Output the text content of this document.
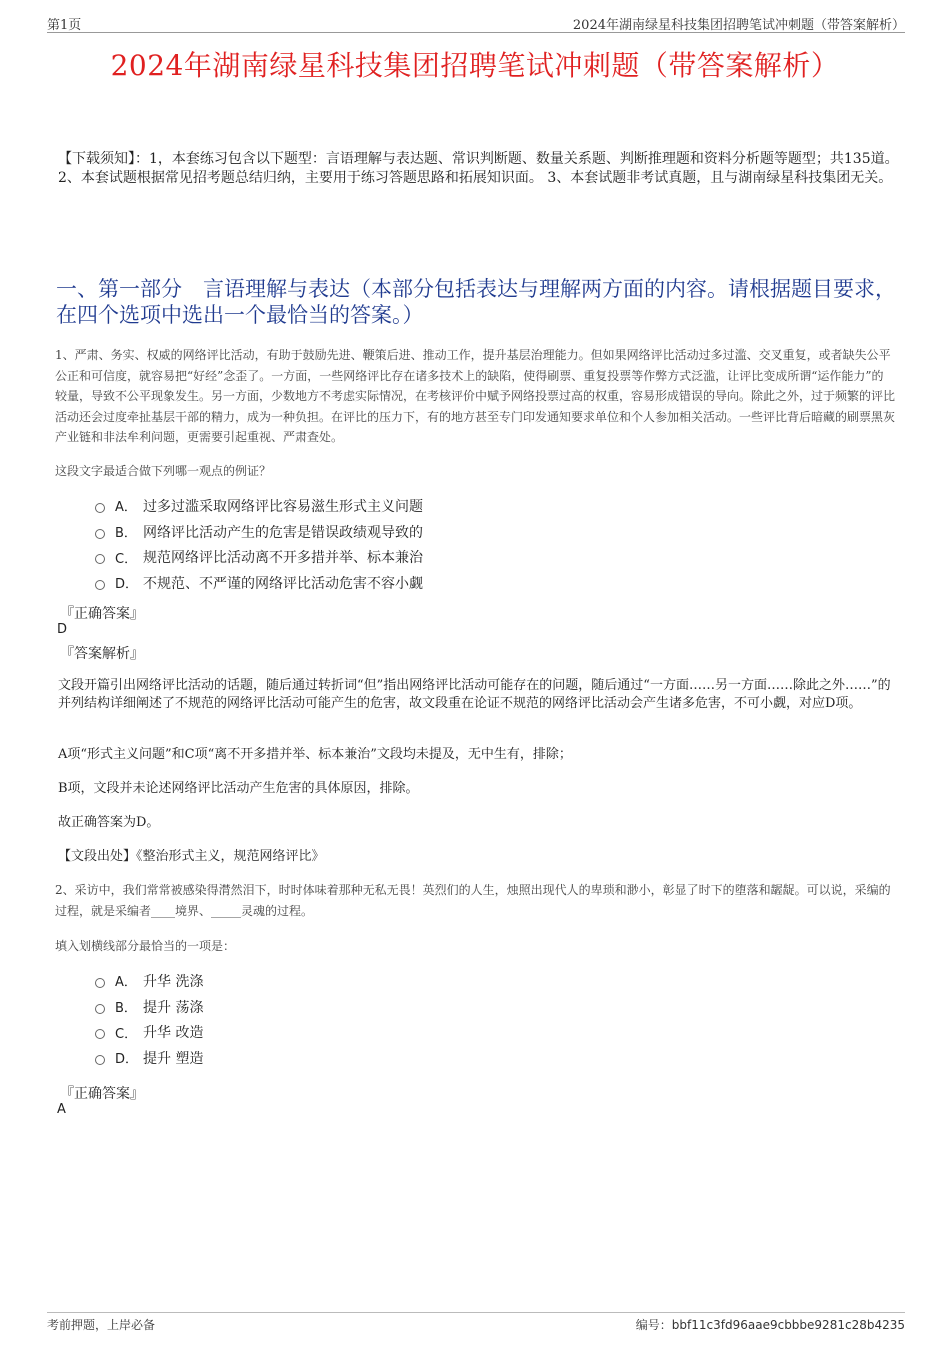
第1页	2024年湖南绿星科技集团招聘笔试冲刺题（带答案解析）
2024年湖南绿星科技集团招聘笔试冲刺题（带答案解析）
【下载须知】：1，本套练习包含以下题型：言语理解与表达题、常识判断题、数量关系题、判断推理题和资料分析题等题型；共135道。 2、本套试题根据常见招考题总结归纳，主要用于练习答题思路和拓展知识面。 3、本套试题非考试真题，且与湖南绿星科技集团无关。
一、第一部分　言语理解与表达（本部分包括表达与理解两方面的内容。请根据题目要求，在四个选项中选出一个最恰当的答案。）
1、严肃、务实、权威的网络评比活动，有助于鼓励先进、鞭策后进、推动工作，提升基层治理能力。但如果网络评比活动过多过滥、交叉重复，或者缺失公平公正和可信度，就容易把“好经”念歪了。一方面，一些网络评比存在诸多技术上的缺陷，使得刷票、重复投票等作弊方式泛滥，让评比变成所谓“运作能力”的较量，导致不公平现象发生。另一方面，少数地方不考虑实际情况，在考核评价中赋予网络投票过高的权重，容易形成错误的导向。除此之外，过于频繁的评比活动还会过度牵扯基层干部的精力，成为一种负担。在评比的压力下，有的地方甚至专门印发通知要求单位和个人参加相关活动。一些评比背后暗藏的刷票黑灰产业链和非法牟利问题，更需要引起重视、严肃查处。
这段文字最适合做下列哪一观点的例证？
A． 过多过滥采取网络评比容易滋生形式主义问题
B． 网络评比活动产生的危害是错误政绩观导致的
C． 规范网络评比活动离不开多措并举、标本兼治
D． 不规范、不严谨的网络评比活动危害不容小觑
『正确答案』
D
『答案解析』
文段开篇引出网络评比活动的话题，随后通过转折词“但”指出网络评比活动可能存在的问题，随后通过“一方面……另一方面……除此之外……”的并列结构详细阐述了不规范的网络评比活动可能产生的危害，故文段重在论证不规范的网络评比活动会产生诸多危害，不可小觑，对应D项。
A项“形式主义问题”和C项“离不开多措并举、标本兼治”文段均未提及，无中生有，排除；
B项，文段并未论述网络评比活动产生危害的具体原因，排除。
故正确答案为D。
【文段出处】《整治形式主义，规范网络评比》
2、采访中，我们常常被感染得潸然泪下，时时体味着那种无私无畏！英烈们的人生，烛照出现代人的卑琐和渺小，彰显了时下的堕落和龌龊。可以说，采编的过程，就是采编者____境界、_____灵魂的过程。
填入划横线部分最恰当的一项是：
A． 升华 洗涤
B． 提升 荡涤
C． 升华 改造
D． 提升 塑造
『正确答案』
A
考前押题，上岸必备	编号：bbf11c3fd96aae9cbbbe9281c28b4235
